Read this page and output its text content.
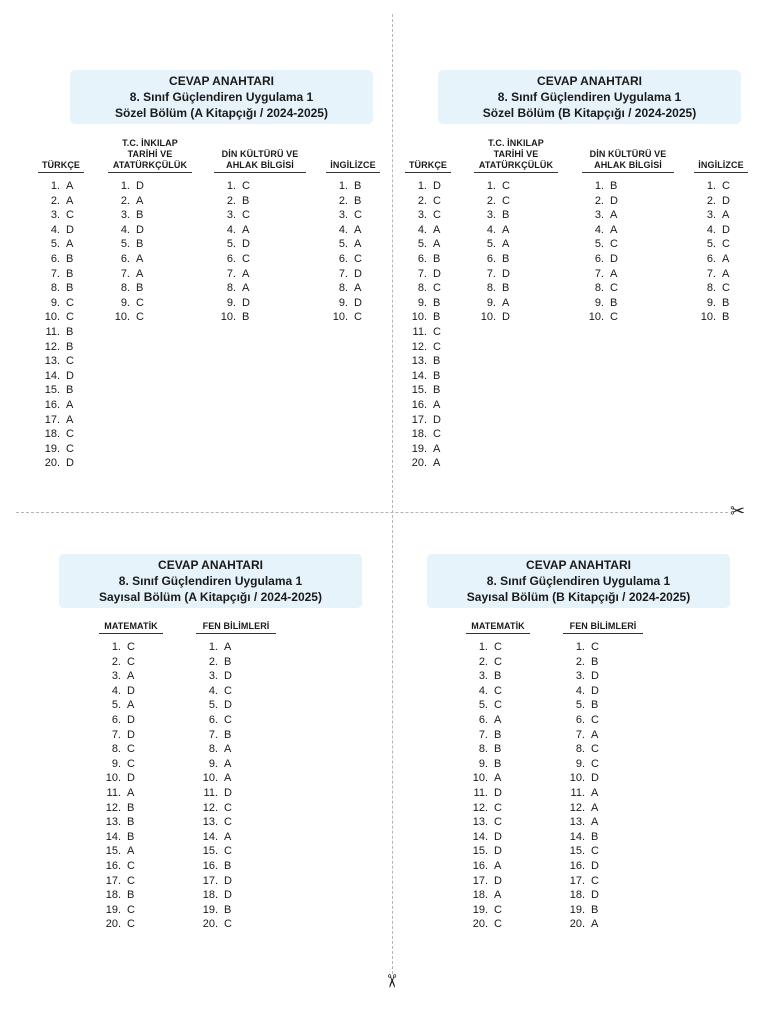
✂
✂
CEVAP ANAHTARI
8. Sınıf Güçlendiren Uygulama 1
Sözel Bölüm (A Kitapçığı / 2024-2025)
TÜRKÇE
1. A
2. A
3. C
4. D
5. A
6. B
7. B
8. B
9. C
10. C
11. B
12. B
13. C
14. D
15. B
16. A
17. A
18. C
19. C
20. D
T.C. İNKILAP
TARİHİ VE
ATATÜRKÇÜLÜK
1. D
2. A
3. B
4. D
5. B
6. A
7. A
8. B
9. C
10. C
DİN KÜLTÜRÜ VE
AHLAK BİLGİSİ
1. C
2. B
3. C
4. A
5. D
6. C
7. A
8. A
9. D
10. B
İNGİLİZCE
1. B
2. B
3. C
4. A
5. A
6. C
7. D
8. A
9. D
10. C
CEVAP ANAHTARI
8. Sınıf Güçlendiren Uygulama 1
Sözel Bölüm (B Kitapçığı / 2024-2025)
TÜRKÇE
1. D
2. C
3. C
4. A
5. A
6. B
7. D
8. C
9. B
10. B
11. C
12. C
13. B
14. B
15. B
16. A
17. D
18. C
19. A
20. A
T.C. İNKILAP
TARİHİ VE
ATATÜRKÇÜLÜK
1. C
2. C
3. B
4. A
5. A
6. B
7. D
8. B
9. A
10. D
DİN KÜLTÜRÜ VE
AHLAK BİLGİSİ
1. B
2. D
3. A
4. A
5. C
6. D
7. A
8. C
9. B
10. C
İNGİLİZCE
1. C
2. D
3. A
4. D
5. C
6. A
7. A
8. C
9. B
10. B
CEVAP ANAHTARI
8. Sınıf Güçlendiren Uygulama 1
Sayısal Bölüm (A Kitapçığı / 2024-2025)
MATEMATİK
1. C
2. C
3. A
4. D
5. A
6. D
7. D
8. C
9. C
10. D
11. A
12. B
13. B
14. B
15. A
16. C
17. C
18. B
19. C
20. C
FEN BİLİMLERİ
1. A
2. B
3. D
4. C
5. D
6. C
7. B
8. A
9. A
10. A
11. D
12. C
13. C
14. A
15. C
16. B
17. D
18. D
19. B
20. C
CEVAP ANAHTARI
8. Sınıf Güçlendiren Uygulama 1
Sayısal Bölüm (B Kitapçığı / 2024-2025)
MATEMATİK
1. C
2. C
3. B
4. C
5. C
6. A
7. B
8. B
9. B
10. A
11. D
12. C
13. C
14. D
15. D
16. A
17. D
18. A
19. C
20. C
FEN BİLİMLERİ
1. C
2. B
3. D
4. D
5. B
6. C
7. A
8. C
9. C
10. D
11. A
12. A
13. A
14. B
15. C
16. D
17. C
18. D
19. B
20. A
